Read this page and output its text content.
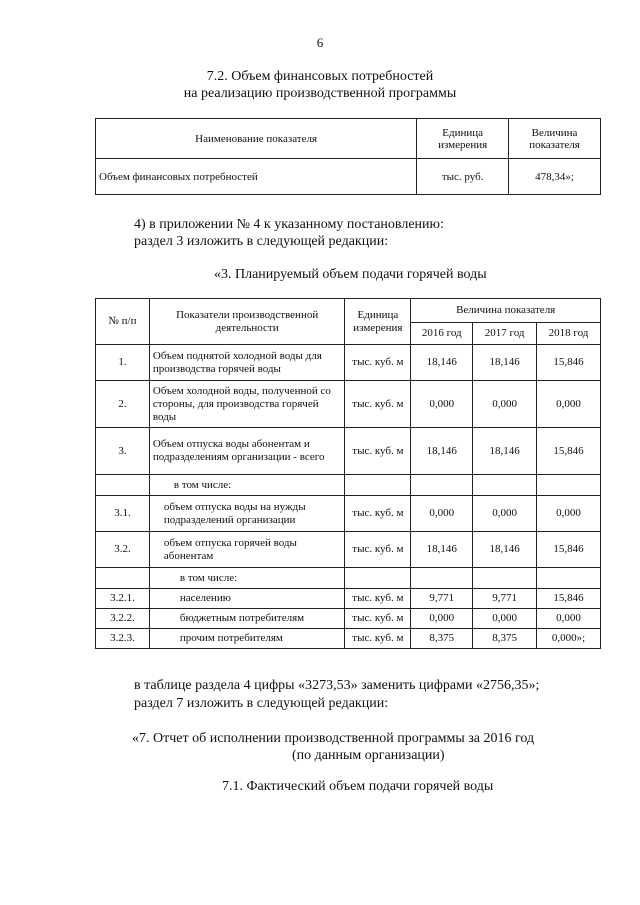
6
7.2. Объем финансовых потребностей
на реализацию производственной программы
Наименование показателя	Единица измерения	Величина показателя
Объем финансовых потребностей	тыс. руб.	478,34»;
4) в приложении № 4 к указанному постановлению:
раздел 3 изложить в следующей редакции:
«3. Планируемый объем подачи горячей воды
№ п/п	Показатели производственной деятельности	Единица измерения	Величина показателя		
			2016 год	2017 год	2018 год
1.	Объем поднятой холодной воды для производства горячей воды	тыс. куб. м	18,146	18,146	15,846
2.	Объем холодной воды, полученной со стороны, для производства горячей воды	тыс. куб. м	0,000	0,000	0,000
3.	Объем отпуска воды абонентам и подразделениям организации - всего	тыс. куб. м	18,146	18,146	15,846
	в том числе:				
3.1.	объем отпуска воды на нужды подразделений организации	тыс. куб. м	0,000	0,000	0,000
3.2.	объем отпуска горячей воды абонентам	тыс. куб. м	18,146	18,146	15,846
	в том числе:				
3.2.1.	населению	тыс. куб. м	9,771	9,771	15,846
3.2.2.	бюджетным потребителям	тыс. куб. м	0,000	0,000	0,000
3.2.3.	прочим потребителям	тыс. куб. м	8,375	8,375	0,000»;
в таблице раздела 4 цифры «3273,53» заменить цифрами «2756,35»;
раздел 7 изложить в следующей редакции:
«7. Отчет об исполнении производственной программы за 2016 год
(по данным организации)
7.1. Фактический объем подачи горячей воды
